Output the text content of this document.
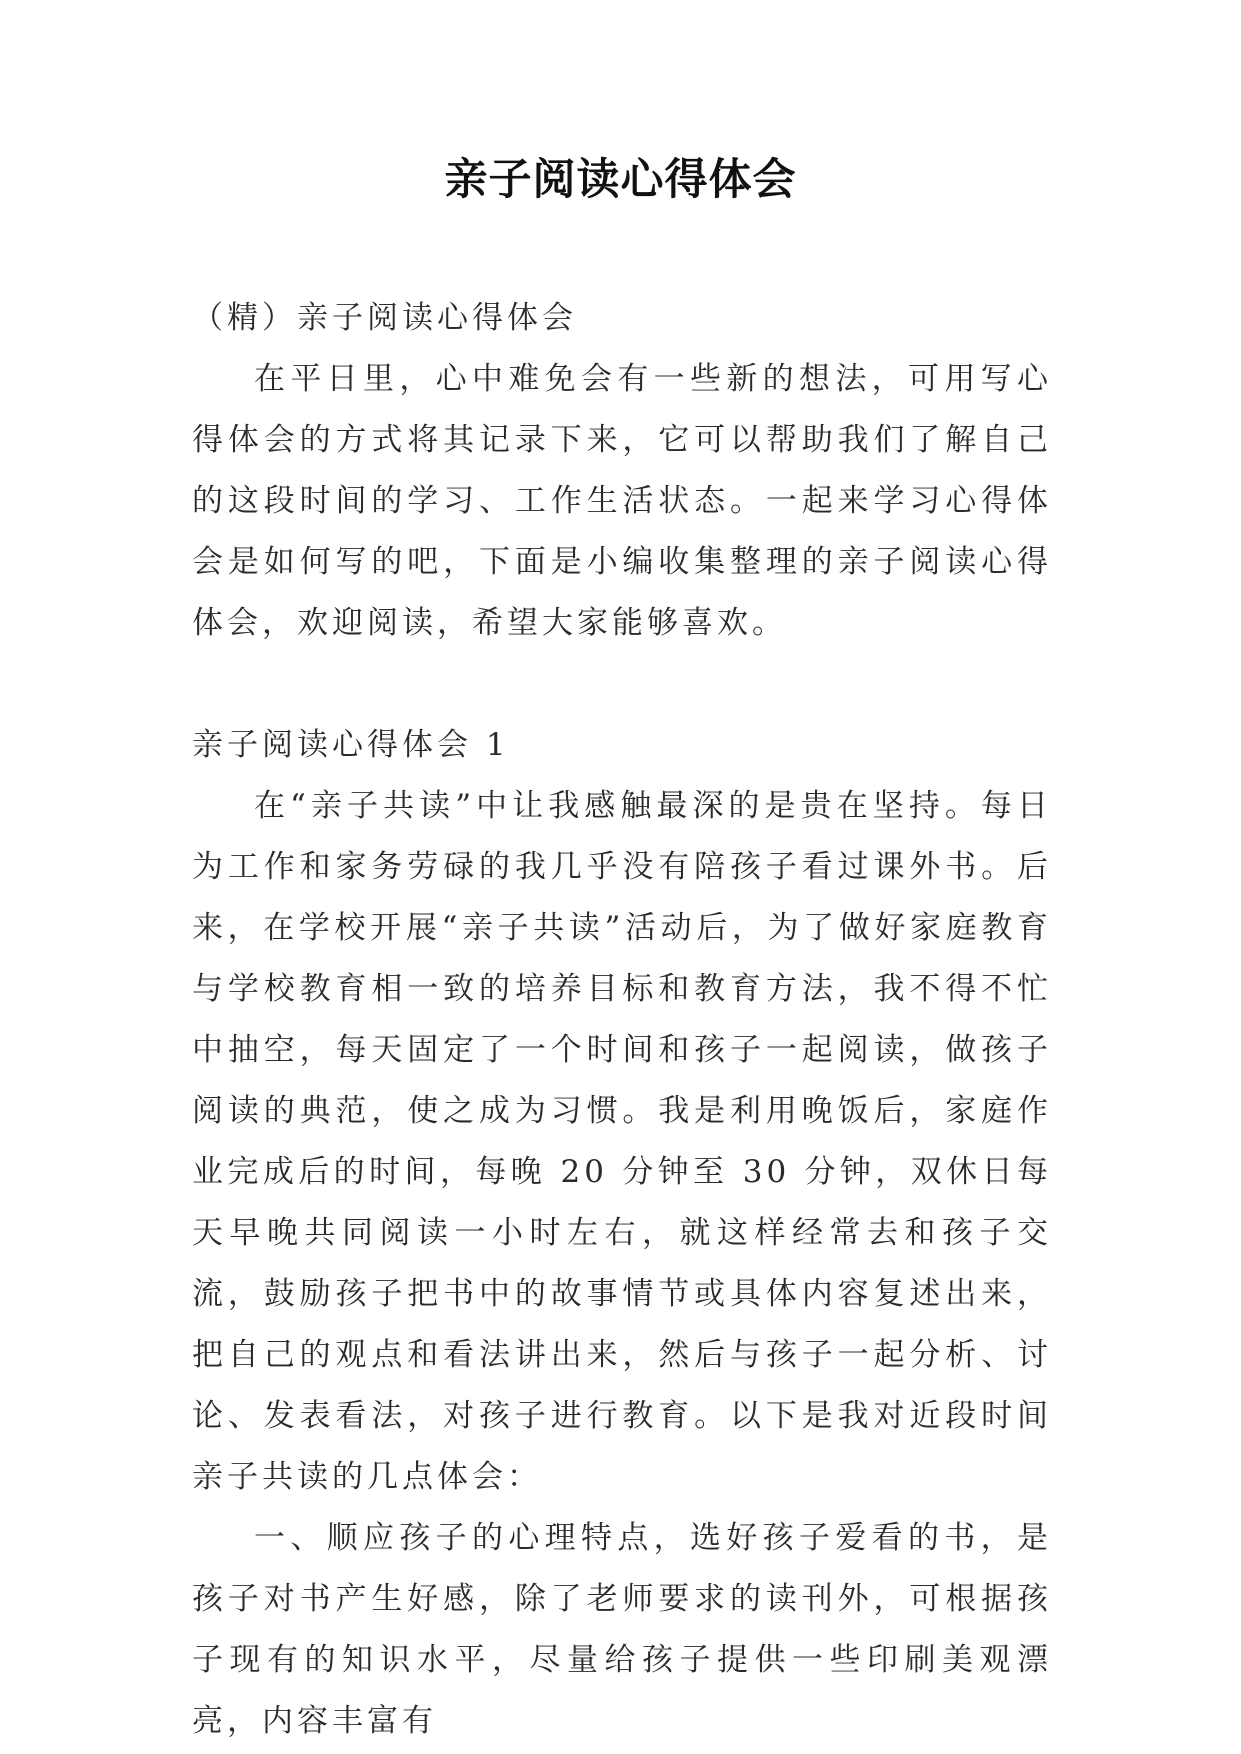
亲子阅读心得体会

（精）亲子阅读心得体会

在平日里，心中难免会有一些新的想法，可用写心得体会的方式将其记录下来，它可以帮助我们了解自己的这段时间的学习、工作生活状态。一起来学习心得体会是如何写的吧，下面是小编收集整理的亲子阅读心得体会，欢迎阅读，希望大家能够喜欢。

亲子阅读心得体会 1

在“亲子共读”中让我感触最深的是贵在坚持。每日为工作和家务劳碌的我几乎没有陪孩子看过课外书。后来，在学校开展“亲子共读”活动后，为了做好家庭教育与学校教育相一致的培养目标和教育方法，我不得不忙中抽空，每天固定了一个时间和孩子一起阅读，做孩子阅读的典范，使之成为习惯。我是利用晚饭后，家庭作业完成后的时间，每晚 20 分钟至 30 分钟，双休日每天早晚共同阅读一小时左右，就这样经常去和孩子交流，鼓励孩子把书中的故事情节或具体内容复述出来，把自己的观点和看法讲出来，然后与孩子一起分析、讨论、发表看法，对孩子进行教育。以下是我对近段时间亲子共读的几点体会：

一、顺应孩子的心理特点，选好孩子爱看的书，是孩子对书产生好感，除了老师要求的读刊外，可根据孩子现有的知识水平，尽量给孩子提供一些印刷美观漂亮，内容丰富有
